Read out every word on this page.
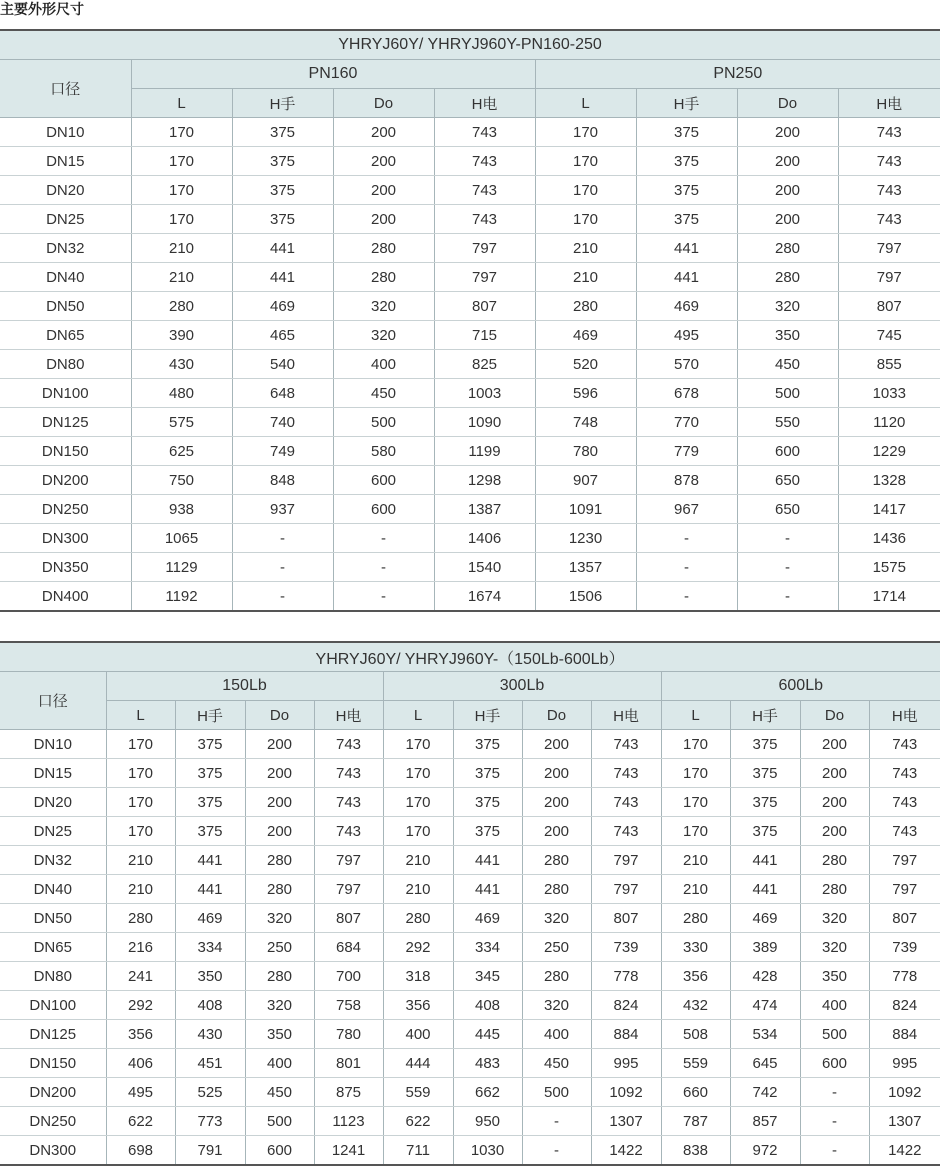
主要外形尺寸
YHRYJ60Y/ YHRYJ960Y-PN160-250								
口径	PN160				PN250			
	L	H手	Do	H电	L	H手	Do	H电
DN10	170	375	200	743	170	375	200	743
DN15	170	375	200	743	170	375	200	743
DN20	170	375	200	743	170	375	200	743
DN25	170	375	200	743	170	375	200	743
DN32	210	441	280	797	210	441	280	797
DN40	210	441	280	797	210	441	280	797
DN50	280	469	320	807	280	469	320	807
DN65	390	465	320	715	469	495	350	745
DN80	430	540	400	825	520	570	450	855
DN100	480	648	450	1003	596	678	500	1033
DN125	575	740	500	1090	748	770	550	1120
DN150	625	749	580	1199	780	779	600	1229
DN200	750	848	600	1298	907	878	650	1328
DN250	938	937	600	1387	1091	967	650	1417
DN300	1065	-	-	1406	1230	-	-	1436
DN350	1129	-	-	1540	1357	-	-	1575
DN400	1192	-	-	1674	1506	-	-	1714
YHRYJ60Y/ YHRYJ960Y-（150Lb-600Lb）												
口径	150Lb				300Lb				600Lb			
	L	H手	Do	H电	L	H手	Do	H电	L	H手	Do	H电
DN10	170	375	200	743	170	375	200	743	170	375	200	743
DN15	170	375	200	743	170	375	200	743	170	375	200	743
DN20	170	375	200	743	170	375	200	743	170	375	200	743
DN25	170	375	200	743	170	375	200	743	170	375	200	743
DN32	210	441	280	797	210	441	280	797	210	441	280	797
DN40	210	441	280	797	210	441	280	797	210	441	280	797
DN50	280	469	320	807	280	469	320	807	280	469	320	807
DN65	216	334	250	684	292	334	250	739	330	389	320	739
DN80	241	350	280	700	318	345	280	778	356	428	350	778
DN100	292	408	320	758	356	408	320	824	432	474	400	824
DN125	356	430	350	780	400	445	400	884	508	534	500	884
DN150	406	451	400	801	444	483	450	995	559	645	600	995
DN200	495	525	450	875	559	662	500	1092	660	742	-	1092
DN250	622	773	500	1123	622	950	-	1307	787	857	-	1307
DN300	698	791	600	1241	711	1030	-	1422	838	972	-	1422
